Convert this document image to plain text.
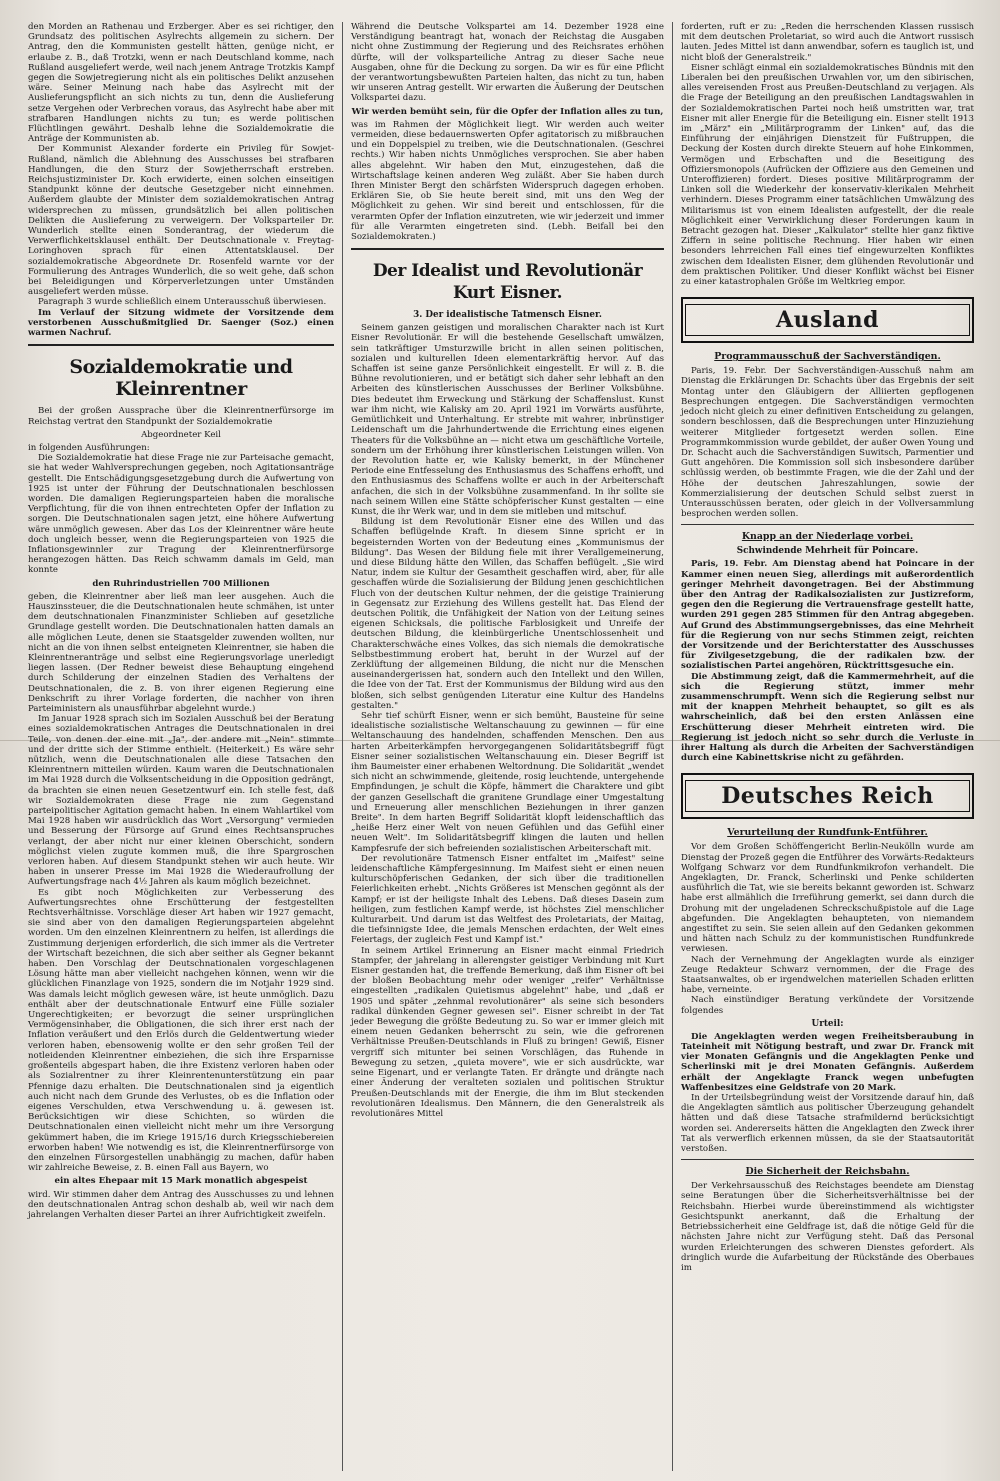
den Morden an Rathenau und Erzberger. Aber es sei richtiger, den Grundsatz des politischen Asylrechts allgemein zu sichern. Der Antrag, den die Kommunisten gestellt hätten, genüge nicht, er erlaube z. B., daß Trotzki, wenn er nach Deutschland komme, nach Rußland ausgeliefert werde, weil nach jenem Antrage Trotzkis Kampf gegen die Sowjetregierung nicht als ein politisches Delikt anzusehen wäre. Seiner Meinung nach habe das Asylrecht mit der Auslieferungspflicht an sich nichts zu tun, denn die Auslieferung setze Vergehen oder Verbrechen voraus, das Asylrecht habe aber mit strafbaren Handlungen nichts zu tun; es werde politischen Flüchtlingen gewährt. Deshalb lehne die Sozialdemokratie die Anträge der Kommunisten ab.

Der Kommunist Alexander forderte ein Privileg für Sowjet-Rußland, nämlich die Ablehnung des Ausschusses bei strafbaren Handlungen, die den Sturz der Sowjetherrschaft erstreben. Reichsjustizminister Dr. Koch erwiderte, einen solchen einseitigen Standpunkt könne der deutsche Gesetzgeber nicht einnehmen. Außerdem glaubte der Minister dem sozialdemokratischen Antrag widersprechen zu müssen, grundsätzlich bei allen politischen Delikten die Auslieferung zu verweigern. Der Volksparteiler Dr. Wunderlich stellte einen Sonderantrag, der wiederum die Verwerflichkeitsklausel enthält. Der Deutschnationale v. Freytag-Loringhoven sprach für einen Attentatsklausel. Der sozialdemokratische Abgeordnete Dr. Rosenfeld warnte vor der Formulierung des Antrages Wunderlich, die so weit gehe, daß schon bei Beleidigungen und Körperverletzungen unter Umständen ausgeliefert werden müsse.

Paragraph 3 wurde schließlich einem Unterausschuß überwiesen.

Im Verlauf der Sitzung widmete der Vorsitzende dem verstorbenen Ausschußmitglied Dr. Saenger (Soz.) einen warmen Nachruf.

Sozialdemokratie und Kleinrentner

Bei der großen Aussprache über die Kleinrentnerfürsorge im Reichstag vertrat den Standpunkt der Sozialdemokratie

Abgeordneter Keil

in folgenden Ausführungen:

Die Sozialdemokratie hat diese Frage nie zur Parteisache gemacht, sie hat weder Wahlversprechungen gegeben, noch Agitationsanträge gestellt. Die Entschädigungsgesetzgebung durch die Aufwertung von 1925 ist unter der Führung der Deutschnationalen beschlossen worden. Die damaligen Regierungsparteien haben die moralische Verpflichtung, für die von ihnen entrechteten Opfer der Inflation zu sorgen. Die Deutschnationalen sagen jetzt, eine höhere Aufwertung wäre unmöglich gewesen. Aber das Los der Kleinrentner wäre heute doch ungleich besser, wenn die Regierungsparteien von 1925 die Inflationsgewinnler zur Tragung der Kleinrentnerfürsorge herangezogen hätten. Das Reich schwamm damals im Geld, man konnte

den Ruhrindustriellen 700 Millionen

geben, die Kleinrentner aber ließ man leer ausgehen. Auch die Hauszinssteuer, die die Deutschnationalen heute schmähen, ist unter dem deutschnationalen Finanzminister Schlieben auf gesetzliche Grundlage gestellt worden. Die Deutschnationalen hatten damals an alle möglichen Leute, denen sie Staatsgelder zuwenden wollten, nur nicht an die von ihnen selbst enteigneten Kleinrentner, sie haben die Kleinrentneranträge und selbst eine Regierungsvorlage unerledigt liegen lassen. (Der Redner beweist diese Behauptung eingehend durch Schilderung der einzelnen Stadien des Verhaltens der Deutschnationalen, die z. B. von ihrer eigenen Regierung eine Denkschrift zu ihrer Vorlage forderten, die nachher von ihren Parteiministern als unausführbar abgelehnt wurde.)

Im Januar 1928 sprach sich im Sozialen Ausschuß bei der Beratung eines sozialdemokratischen Antrages die Deutschnationalen in drei Teile, von denen der eine mit „Ja", der andere mit „Nein" stimmte und der dritte sich der Stimme enthielt. (Heiterkeit.) Es wäre sehr nützlich, wenn die Deutschnationalen alle diese Tatsachen den Kleinrentnern mitteilen würden. Kaum waren die Deutschnationalen im Mai 1928 durch die Volksentscheidung in die Opposition gedrängt, da brachten sie einen neuen Gesetzentwurf ein. Ich stelle fest, daß wir Sozialdemokraten diese Frage nie zum Gegenstand parteipolitischer Agitation gemacht haben. In einem Wahlartikel vom Mai 1928 haben wir ausdrücklich das Wort „Versorgung" vermieden und Besserung der Fürsorge auf Grund eines Rechtsanspruches verlangt, der aber nicht nur einer kleinen Oberschicht, sondern möglichst vielen zugute kommen muß, die ihre Spargroschen verloren haben. Auf diesem Standpunkt stehen wir auch heute. Wir haben in unserer Presse im Mai 1928 die Wiederaufrollung der Aufwertungsfrage nach 4½ Jahren als kaum möglich bezeichnet.

Es gibt noch Möglichkeiten zur Verbesserung des Aufwertungsrechtes ohne Erschütterung der festgestellten Rechtsverhältnisse. Vorschläge dieser Art haben wir 1927 gemacht, sie sind aber von den damaligen Regierungsparteien abgelehnt worden. Um den einzelnen Kleinrentnern zu helfen, ist allerdings die Zustimmung derjenigen erforderlich, die sich immer als die Vertreter der Wirtschaft bezeichnen, die sich aber seither als Gegner bekannt haben. Den Vorschlag der Deutschnationalen vorgeschlagenen Lösung hätte man aber vielleicht nachgehen können, wenn wir die glücklichen Finanzlage von 1925, sondern die im Notjahr 1929 sind. Was damals leicht möglich gewesen wäre, ist heute unmöglich. Dazu enthält aber der deutschnationale Entwurf eine Fülle sozialer Ungerechtigkeiten; er bevorzugt die seiner ursprünglichen Vermögensinhaber, die Obligationen, die sich ihrer erst nach der Inflation veräußert und den Erlös durch die Geldentwertung wieder verloren haben, ebensowenig wollte er den sehr großen Teil der notleidenden Kleinrentner einbeziehen, die sich ihre Ersparnisse großenteils abgespart haben, die ihre Existenz verloren haben oder als Sozialrentner zu ihrer Kleinrentenunterstützung ein paar Pfennige dazu erhalten. Die Deutschnationalen sind ja eigentlich auch nicht nach dem Grunde des Verlustes, ob es die Inflation oder eigenes Verschulden, etwa Verschwendung u. ä. gewesen ist. Berücksichtigen wir diese Schichten, so würden die Deutschnationalen einen vielleicht nicht mehr um ihre Versorgung gekümmert haben, die im Kriege 1915/16 durch Kriegsschiebereien erworben haben! Wie notwendig es ist, die Kleinrentnerfürsorge von den einzelnen Fürsorgestellen unabhängig zu machen, dafür haben wir zahlreiche Beweise, z. B. einen Fall aus Bayern, wo

ein altes Ehepaar mit 15 Mark monatlich abgespeist

wird. Wir stimmen daher dem Antrag des Ausschusses zu und lehnen den deutschnationalen Antrag schon deshalb ab, weil wir nach dem jahrelangen Verhalten dieser Partei an ihrer Aufrichtigkeit zweifeln.

Während die Deutsche Volkspartei am 14. Dezember 1928 eine Verständigung beantragt hat, wonach der Reichstag die Ausgaben nicht ohne Zustimmung der Regierung und des Reichsrates erhöhen dürfte, will der volksparteiliche Antrag zu dieser Sache neue Ausgaben, ohne für die Deckung zu sorgen. Da wir es für eine Pflicht der verantwortungsbewußten Parteien halten, das nicht zu tun, haben wir unseren Antrag gestellt. Wir erwarten die Äußerung der Deutschen Volkspartei dazu.

Wir werden bemüht sein, für die Opfer der Inflation alles zu tun,

was im Rahmen der Möglichkeit liegt. Wir werden auch weiter vermeiden, diese bedauernswerten Opfer agitatorisch zu mißbrauchen und ein Doppelspiel zu treiben, wie die Deutschnationalen. (Geschrei rechts.) Wir haben nichts Unmögliches versprochen. Sie aber haben alles abgelehnt. Wir haben den Mut, einzugestehen, daß die Wirtschaftslage keinen anderen Weg zuläßt. Aber Sie haben durch Ihren Minister Bergt den schärfsten Widerspruch dagegen erhoben. Erklären Sie, ob Sie heute bereit sind, mit uns den Weg der Möglichkeit zu gehen. Wir sind bereit und entschlossen, für die verarmten Opfer der Inflation einzutreten, wie wir jederzeit und immer für alle Verarmten eingetreten sind. (Lebh. Beifall bei den Sozialdemokraten.)

Der Idealist und Revolutionär Kurt Eisner.
3. Der idealistische Tatmensch Eisner.

Seinem ganzen geistigen und moralischen Charakter nach ist Kurt Eisner Revolutionär. Er will die bestehende Gesellschaft umwälzen, sein tatkräftiger Umsturzwille bricht in allen seinen politischen, sozialen und kulturellen Ideen elementarkräftig hervor. Auf das Schaffen ist seine ganze Persönlichkeit eingestellt. Er will z. B. die Bühne revolutionieren, und er betätigt sich daher sehr lebhaft an den Arbeiten des künstlerischen Ausschusses der Berliner Volksbühne. Dies bedeutet ihm Erweckung und Stärkung der Schaffenslust. Kunst war ihm nicht, wie Kalisky am 20. April 1921 im Vorwärts ausführte, Gemütlichkeit und Unterhaltung. Er strebte mit wahrer, inbrünstiger Leidenschaft um die Jahrhundertwende die Errichtung eines eigenen Theaters für die Volksbühne an — nicht etwa um geschäftliche Vorteile, sondern um der Erhöhung ihrer künstlerischen Leistungen willen. Von der Revolution hatte er, wie Kalisky bemerkt, in der Münchener Periode eine Entfesselung des Enthusiasmus des Schaffens erhofft, und den Enthusiasmus des Schaffens wollte er auch in der Arbeiterschaft anfachen, die sich in der Volksbühne zusammenfand. In ihr sollte sie nach seinem Willen eine Stätte schöpferischer Kunst gestalten — eine Kunst, die ihr Werk war, und in dem sie mitleben und mitschuf.

Bildung ist dem Revolutionär Eisner eine des Willen und das Schaffen beflügelnde Kraft. In diesem Sinne spricht er in begeisternden Worten von der Bedeutung eines „Kommunismus der Bildung". Das Wesen der Bildung fiele mit ihrer Verallgemeinerung, und diese Bildung hätte den Willen, das Schaffen beflügelt. „Sie wird Natur, indem sie Kultur der Gesamtheit geschaffen wird, aber, für alle geschaffen würde die Sozialisierung der Bildung jenen geschichtlichen Fluch von der deutschen Kultur nehmen, der die geistige Trainierung in Gegensatz zur Erziehung des Willens gestellt hat. Das Elend der deutschen Politik, die Unfähigkeit der Nation von der Leitung seines eigenen Schicksals, die politische Farblosigkeit und Unreife der deutschen Bildung, die kleinbürgerliche Unentschlossenheit und Charakterschwäche eines Volkes, das sich niemals die demokratische Selbstbestimmung erobert hat, beruht in der Wurzel auf der Zerklüftung der allgemeinen Bildung, die nicht nur die Menschen auseinandergerissen hat, sondern auch den Intellekt und den Willen, die Idee von der Tat. Erst der Kommunismus der Bildung wird aus den bloßen, sich selbst genügenden Literatur eine Kultur des Handelns gestalten."

Sehr tief schürft Eisner, wenn er sich bemüht, Bausteine für seine idealistische sozialistische Weltanschauung zu gewinnen — für eine Weltanschauung des handelnden, schaffenden Menschen. Den aus harten Arbeiterkämpfen hervorgegangenen Solidaritätsbegriff fügt Eisner seiner sozialistischen Weltanschauung ein. Dieser Begriff ist ihm Baumeister einer erhabenen Weltordnung. Die Solidarität „wendet sich nicht an schwimmende, gleitende, rosig leuchtende, untergehende Empfindungen, je schult die Köpfe, hämmert die Charaktere und gibt der ganzen Gesellschaft die granitene Grundlage einer Umgestaltung und Erneuerung aller menschlichen Beziehungen in ihrer ganzen Breite". In dem harten Begriff Solidarität klopft leidenschaftlich das „heiße Herz einer Welt von neuen Gefühlen und das Gefühl einer neuen Welt". Im Solidaritätsbegriff klingen die lauten und hellen Kampfesrufe der sich befreienden sozialistischen Arbeiterschaft mit.

Der revolutionäre Tatmensch Eisner entfaltet im „Maifest" seine leidenschaftliche Kämpfergesinnung. Im Maifest sieht er einen neuen kulturschöpferischen Gedanken, der sich über die traditionellen Feierlichkeiten erhebt. „Nichts Größeres ist Menschen gegönnt als der Kampf; er ist der heiligste Inhalt des Lebens. Daß dieses Dasein zum heiligen, zum festlichen Kampf werde, ist höchstes Ziel menschlicher Kulturarbeit. Und darum ist das Weltfest des Proletariats, der Maitag, die tiefsinnigste Idee, die jemals Menschen erdachten, der Welt eines Feiertags, der zugleich Fest und Kampf ist."

In seinem Artikel Erinnerung an Eisner macht einmal Friedrich Stampfer, der jahrelang in allerengster geistiger Verbindung mit Kurt Eisner gestanden hat, die treffende Bemerkung, daß ihm Eisner oft bei der bloßen Beobachtung mehr oder weniger „reifer" Verhältnisse eingestellten „radikalen Quietismus abgelehnt" habe, und „daß er 1905 und später „zehnmal revolutionärer" als seine sich besonders radikal dünkenden Gegner gewesen sei". Eisner schreibt in der Tat jeder Bewegung die größte Bedeutung zu. So war er immer gleich mit einem neuen Gedanken beherrscht zu sein, wie die gefrorenen Verhältnisse Preußen-Deutschlands in Fluß zu bringen! Gewiß, Eisner vergriff sich mitunter bei seinen Vorschlägen, das Ruhende in Bewegung zu setzen, „quieta movere", wie er sich ausdrückte, war seine Eigenart, und er verlangte Taten. Er drängte und drängte nach einer Änderung der veralteten sozialen und politischen Struktur Preußen-Deutschlands mit der Energie, die ihm im Blut steckenden revolutionären Idealismus. Den Männern, die den Generalstreik als revolutionäres Mittel

forderten, ruft er zu: „Reden die herrschenden Klassen russisch mit dem deutschen Proletariat, so wird auch die Antwort russisch lauten. Jedes Mittel ist dann anwendbar, sofern es tauglich ist, und nicht bloß der Generalstreik."

Eisner schlägt einmal ein sozialdemokratisches Bündnis mit den Liberalen bei den preußischen Urwahlen vor, um den sibirischen, alles vereisenden Frost aus Preußen-Deutschland zu verjagen. Als die Frage der Beteiligung an den preußischen Landtagswahlen in der Sozialdemokratischen Partei noch heiß umstritten war, trat Eisner mit aller Energie für die Beteiligung ein. Eisner stellt 1913 im „März" ein „Militärprogramm der Linken" auf, das die Einführung der einjährigen Dienstzeit für Fußtruppen, die Deckung der Kosten durch direkte Steuern auf hohe Einkommen, Vermögen und Erbschaften und die Beseitigung des Offiziersmonopols (Aufrücken der Offiziere aus den Gemeinen und Unteroffizieren) fordert. Dieses positive Militärprogramm der Linken soll die Wiederkehr der konservativ-klerikalen Mehrheit verhindern. Dieses Programm einer tatsächlichen Umwälzung des Militarismus ist von einem Idealisten aufgestellt, der die reale Möglichkeit einer Verwirklichung dieser Forderungen kaum in Betracht gezogen hat. Dieser „Kalkulator" stellte hier ganz fiktive Ziffern in seine politische Rechnung. Hier haben wir einen besonders lehrreichen Fall eines tief eingewurzelten Konfliktes zwischen dem Idealisten Eisner, dem glühenden Revolutionär und dem praktischen Politiker. Und dieser Konflikt wächst bei Eisner zu einer katastrophalen Größe im Weltkrieg empor.

Ausland
Programmausschuß der Sachverständigen.

Paris, 19. Febr. Der Sachverständigen-Ausschuß nahm am Dienstag die Erklärungen Dr. Schachts über das Ergebnis der seit Montag unter den Gläubigern der Alliierten gepflogenen Besprechungen entgegen. Die Sachverständigen vermochten jedoch nicht gleich zu einer definitiven Entscheidung zu gelangen, sondern beschlossen, daß die Besprechungen unter Hinzuziehung weiterer Mitglieder fortgesetzt werden sollen. Eine Programmkommission wurde gebildet, der außer Owen Young und Dr. Schacht auch die Sachverständigen Suwitsch, Parmentier und Gutt angehören. Die Kommission soll sich insbesondere darüber schlüssig werden, ob bestimmte Fragen, wie die der Zahl und der Höhe der deutschen Jahreszahlungen, sowie der Kommerzialisierung der deutschen Schuld selbst zuerst in Unterausschüssen beraten, oder gleich in der Vollversammlung besprochen werden sollen.

Knapp an der Niederlage vorbei.
Schwindende Mehrheit für Poincare.

Paris, 19. Febr. Am Dienstag abend hat Poincare in der Kammer einen neuen Sieg, allerdings mit außerordentlich geringer Mehrheit davongetragen. Bei der Abstimmung über den Antrag der Radikalsozialisten zur Justizreform, gegen den die Regierung die Vertrauensfrage gestellt hatte, wurden 291 gegen 285 Stimmen für den Antrag abgegeben. Auf Grund des Abstimmungsergebnisses, das eine Mehrheit für die Regierung von nur sechs Stimmen zeigt, reichten der Vorsitzende und der Berichterstatter des Ausschusses für Zivilgesetzgebung, die der radikalen bzw. der sozialistischen Partei angehören, Rücktrittsgesuche ein.

Die Abstimmung zeigt, daß die Kammermehrheit, auf die sich die Regierung stützt, immer mehr zusammenschrumpft. Wenn sich die Regierung selbst nur mit der knappen Mehrheit behauptet, so gilt es als wahrscheinlich, daß bei den ersten Anlässen eine Erschütterung dieser Mehrheit eintreten wird. Die Regierung ist jedoch nicht so sehr durch die Verluste in ihrer Haltung als durch die Arbeiten der Sachverständigen durch eine Kabinettskrise nicht zu gefährden.

Deutsches Reich
Verurteilung der Rundfunk-Entführer.

Vor dem Großen Schöffengericht Berlin-Neukölln wurde am Dienstag der Prozeß gegen die Entführer des Vorwärts-Redakteurs Wolfgang Schwarz vor dem Rundfunkmikrofon verhandelt. Die Angeklagten, Dr. Franck, Scherlinski und Penke schilderten ausführlich die Tat, wie sie bereits bekannt geworden ist. Schwarz habe erst allmählich die Irreführung gemerkt, sei dann durch die Drohung mit der ungeladenen Schreckschußpistole auf die Lage abgefunden. Die Angeklagten behaupteten, von niemandem angestiftet zu sein. Sie seien allein auf den Gedanken gekommen und hätten nach Schulz zu der kommunistischen Rundfunkrede verwiesen.

Nach der Vernehmung der Angeklagten wurde als einziger Zeuge Redakteur Schwarz vernommen, der die Frage des Staatsanwaltes, ob er irgendwelchen materiellen Schaden erlitten habe, verneinte.

Nach einstündiger Beratung verkündete der Vorsitzende folgendes

Urteil:

Die Angeklagten werden wegen Freiheitsberaubung in Tateinheit mit Nötigung bestraft, und zwar Dr. Franck mit vier Monaten Gefängnis und die Angeklagten Penke und Scherlinski mit je drei Monaten Gefängnis. Außerdem erhält der Angeklagte Franck wegen unbefugten Waffenbesitzes eine Geldstrafe von 20 Mark.

In der Urteilsbegründung weist der Vorsitzende darauf hin, daß die Angeklagten sämtlich aus politischer Überzeugung gehandelt hätten und daß diese Tatsache strafmildernd berücksichtigt worden sei. Andererseits hätten die Angeklagten den Zweck ihrer Tat als verwerflich erkennen müssen, da sie der Staatsautorität verstoßen.

Die Sicherheit der Reichsbahn.

Der Verkehrsausschuß des Reichstages beendete am Dienstag seine Beratungen über die Sicherheitsverhältnisse bei der Reichsbahn. Hierbei wurde übereinstimmend als wichtigster Gesichtspunkt anerkannt, daß die Erhaltung der Betriebssicherheit eine Geldfrage ist, daß die nötige Geld für die nächsten Jahre nicht zur Verfügung steht. Daß das Personal wurden Erleichterungen des schweren Dienstes gefordert. Als dringlich wurde die Aufarbeitung der Rückstände des Oberbaues im
